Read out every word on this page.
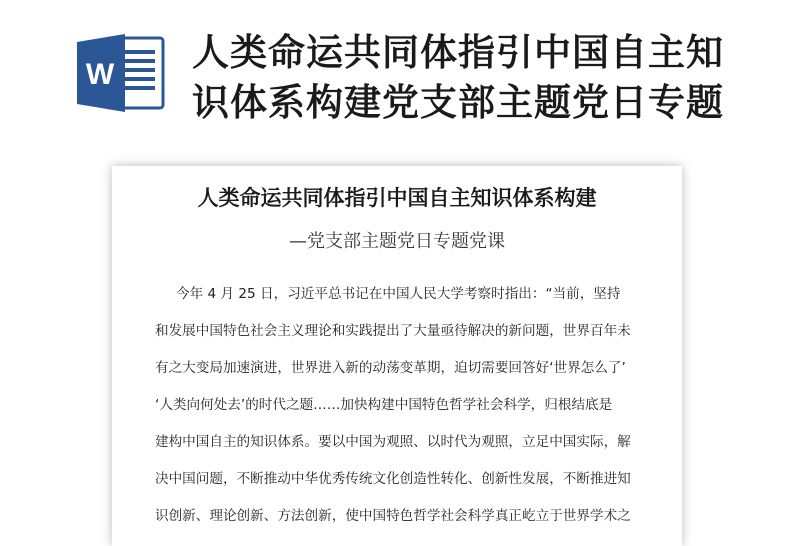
W
人类命运共同体指引中国自主知
识体系构建党支部主题党日专题
人类命运共同体指引中国自主知识体系构建
—党支部主题党日专题党课
今年 4 月 25 日，习近平总书记在中国人民大学考察时指出：“当前，坚持
和发展中国特色社会主义理论和实践提出了大量亟待解决的新问题，世界百年未
有之大变局加速演进，世界进入新的动荡变革期，迫切需要回答好‘世界怎么了’
‘人类向何处去’的时代之题……加快构建中国特色哲学社会科学，归根结底是
建构中国自主的知识体系。要以中国为观照、以时代为观照，立足中国实际，解
决中国问题，不断推动中华优秀传统文化创造性转化、创新性发展，不断推进知
识创新、理论创新、方法创新，使中国特色哲学社会科学真正屹立于世界学术之
